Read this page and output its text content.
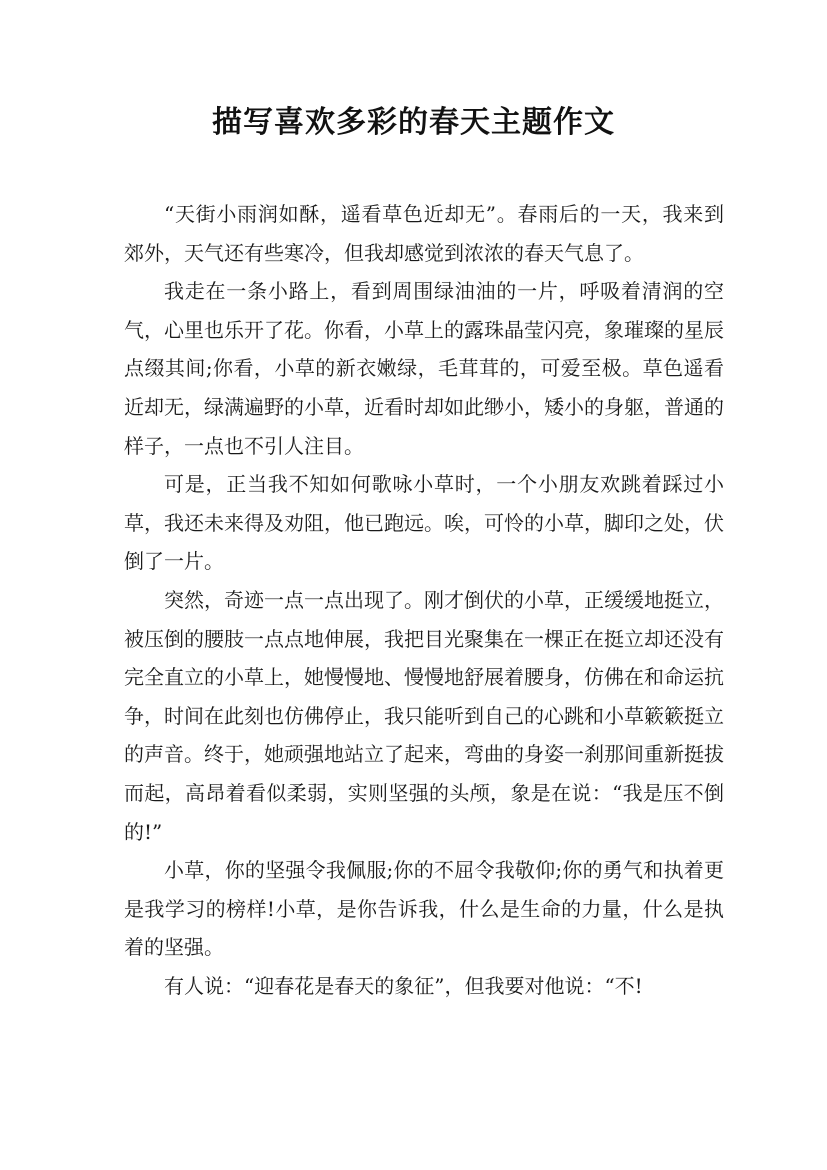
描写喜欢多彩的春天主题作文

“天街小雨润如酥，遥看草色近却无”。春雨后的一天，我来到郊外，天气还有些寒冷，但我却感觉到浓浓的春天气息了。

我走在一条小路上，看到周围绿油油的一片，呼吸着清润的空气，心里也乐开了花。你看，小草上的露珠晶莹闪亮，象璀璨的星辰点缀其间;你看，小草的新衣嫩绿，毛茸茸的，可爱至极。草色遥看近却无，绿满遍野的小草，近看时却如此缈小，矮小的身躯，普通的样子，一点也不引人注目。

可是，正当我不知如何歌咏小草时，一个小朋友欢跳着踩过小草，我还未来得及劝阻，他已跑远。唉，可怜的小草，脚印之处，伏倒了一片。

突然，奇迹一点一点出现了。刚才倒伏的小草，正缓缓地挺立，被压倒的腰肢一点点地伸展，我把目光聚集在一棵正在挺立却还没有完全直立的小草上，她慢慢地、慢慢地舒展着腰身，仿佛在和命运抗争，时间在此刻也仿佛停止，我只能听到自己的心跳和小草簌簌挺立的声音。终于，她顽强地站立了起来，弯曲的身姿一刹那间重新挺拔而起，高昂着看似柔弱，实则坚强的头颅，象是在说：“我是压不倒的!”

小草，你的坚强令我佩服;你的不屈令我敬仰;你的勇气和执着更是我学习的榜样!小草，是你告诉我，什么是生命的力量，什么是执着的坚强。

有人说：“迎春花是春天的象征”，但我要对他说：“不!
